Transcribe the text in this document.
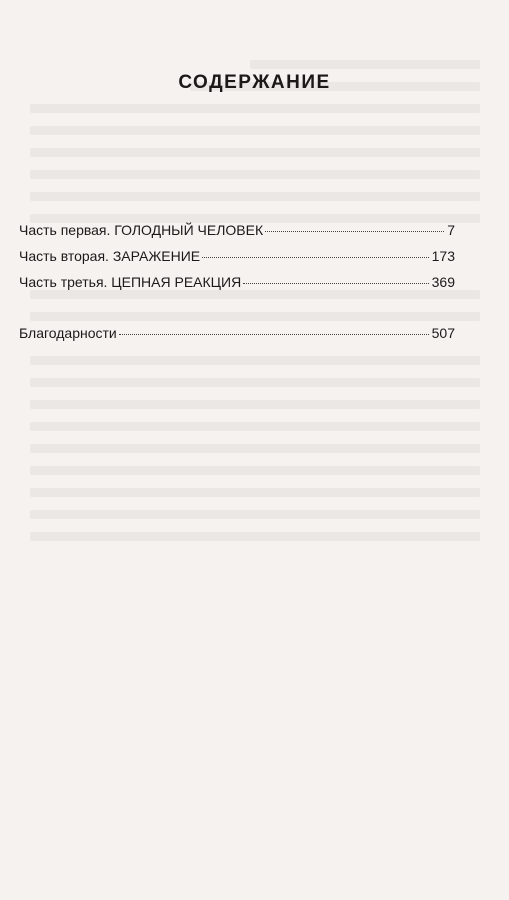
СОДЕРЖАНИЕ
Часть первая. ГОЛОДНЫЙ ЧЕЛОВЕК	7
Часть вторая. ЗАРАЖЕНИЕ	173
Часть третья. ЦЕПНАЯ РЕАКЦИЯ	369
Благодарности	507
